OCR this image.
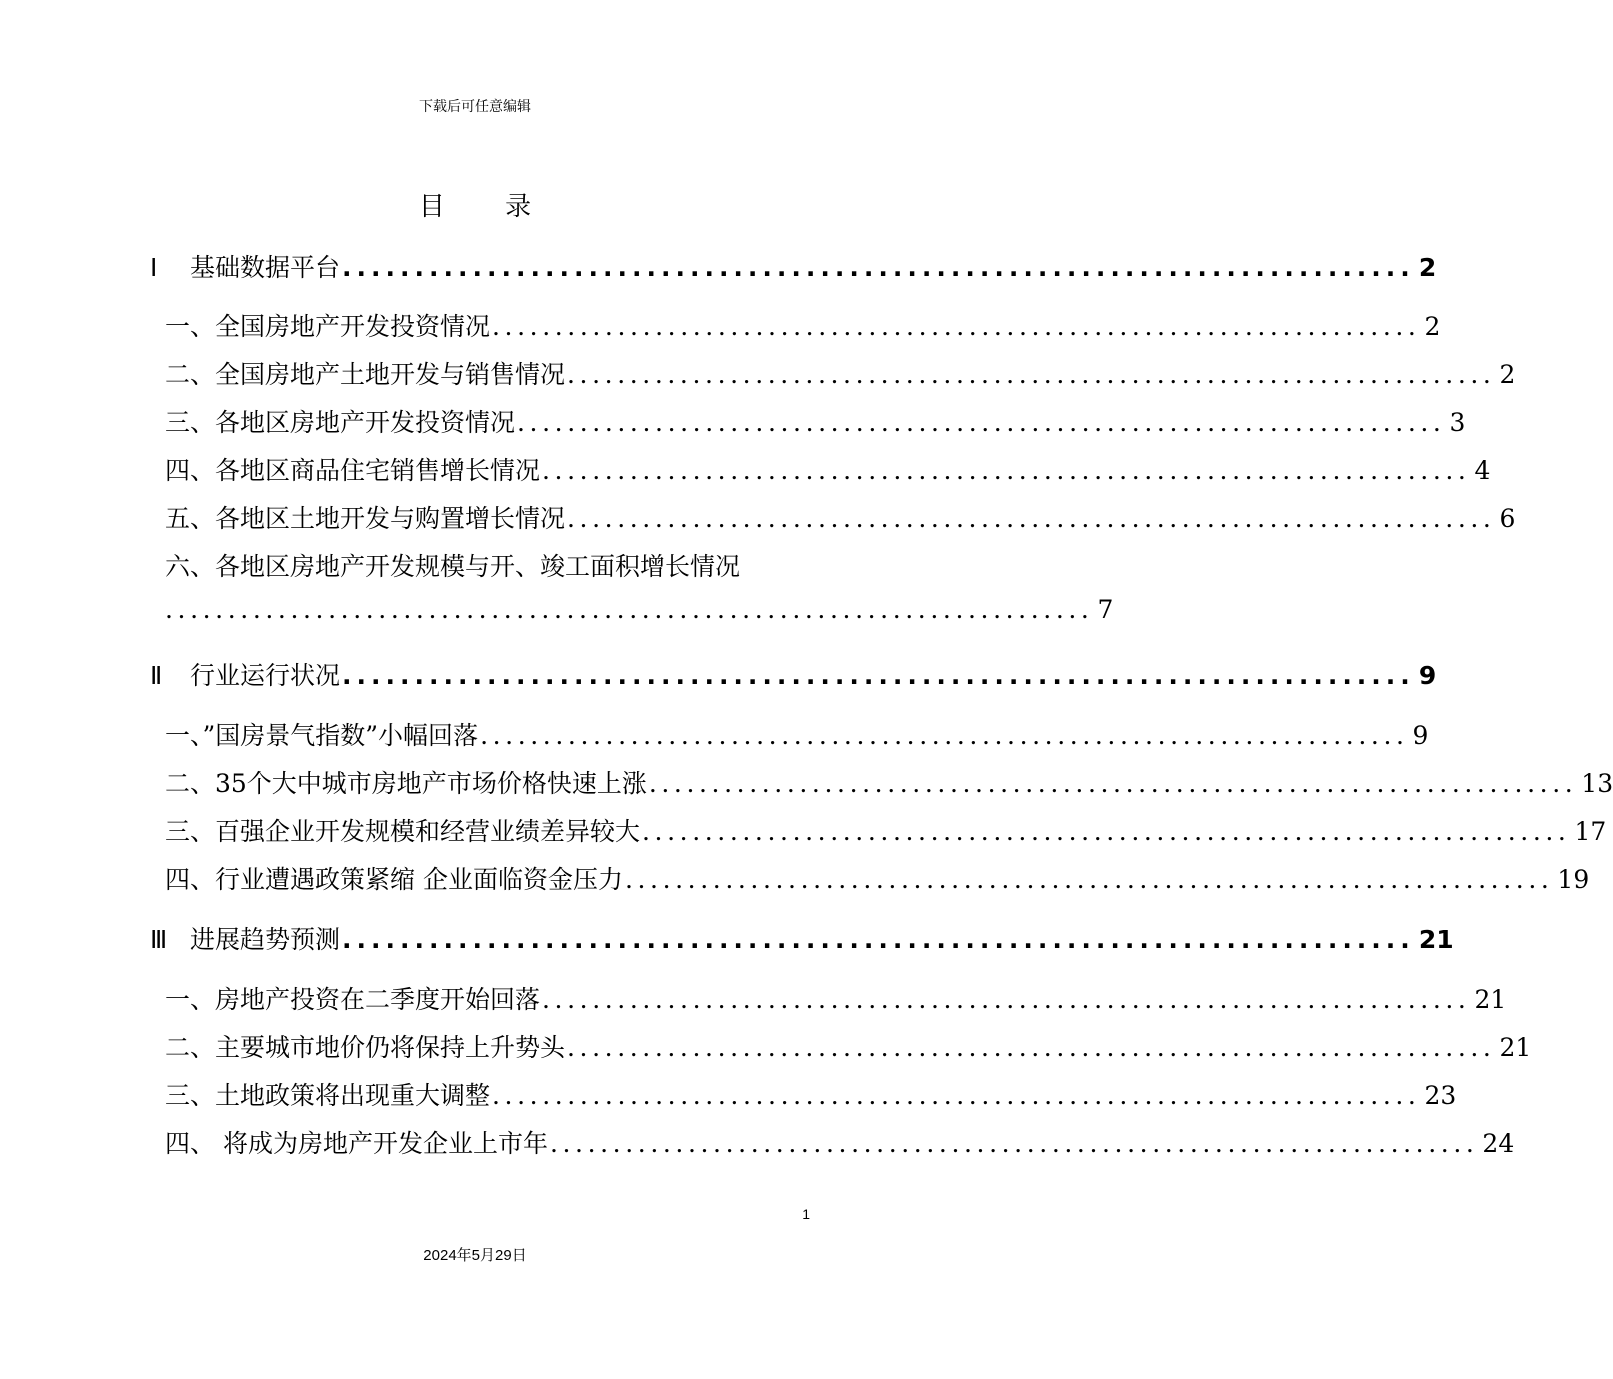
下载后可任意编辑
目 录
Ⅰ 基础数据平台 .......................................................................... 2
一、全国房地产开发投资情况 .......................................................................... 2
二、全国房地产土地开发与销售情况 .......................................................................... 2
三、各地区房地产开发投资情况 .......................................................................... 3
四、各地区商品住宅销售增长情况 .......................................................................... 4
五、各地区土地开发与购置增长情况 .......................................................................... 6
六、各地区房地产开发规模与开、竣工面积增长情况
.......................................................................... 7
Ⅱ 行业运行状况 .......................................................................... 9
一、”国房景气指数”小幅回落 .......................................................................... 9
二、35个大中城市房地产市场价格快速上涨 .......................................................................... 13
三、百强企业开发规模和经营业绩差异较大 .......................................................................... 17
四、行业遭遇政策紧缩 企业面临资金压力 .......................................................................... 19
Ⅲ 进展趋势预测 .......................................................................... 21
一、房地产投资在二季度开始回落 .......................................................................... 21
二、主要城市地价仍将保持上升势头 .......................................................................... 21
三、土地政策将出现重大调整 .......................................................................... 23
四、 将成为房地产开发企业上市年 .......................................................................... 24
1
2024年5月29日
